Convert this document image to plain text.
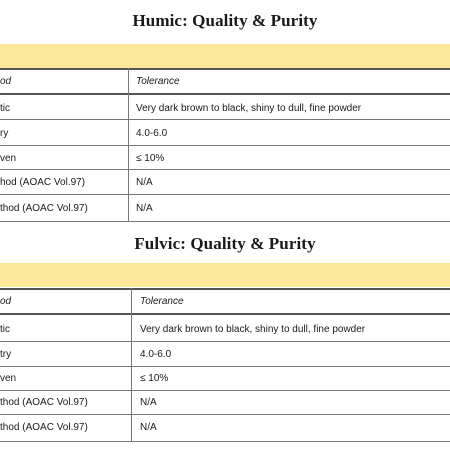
Humic: Quality & Purity
od	Tolerance
tic	Very dark brown to black, shiny to dull, fine powder
ry	4.0-6.0
ven	≤ 10%
hod (AOAC Vol.97)	N/A
thod (AOAC Vol.97)	N/A
Fulvic: Quality & Purity
od	Tolerance
tic	Very dark brown to black, shiny to dull, fine powder
try	4.0-6.0
ven	≤ 10%
thod (AOAC Vol.97)	N/A
thod (AOAC Vol.97)	N/A
